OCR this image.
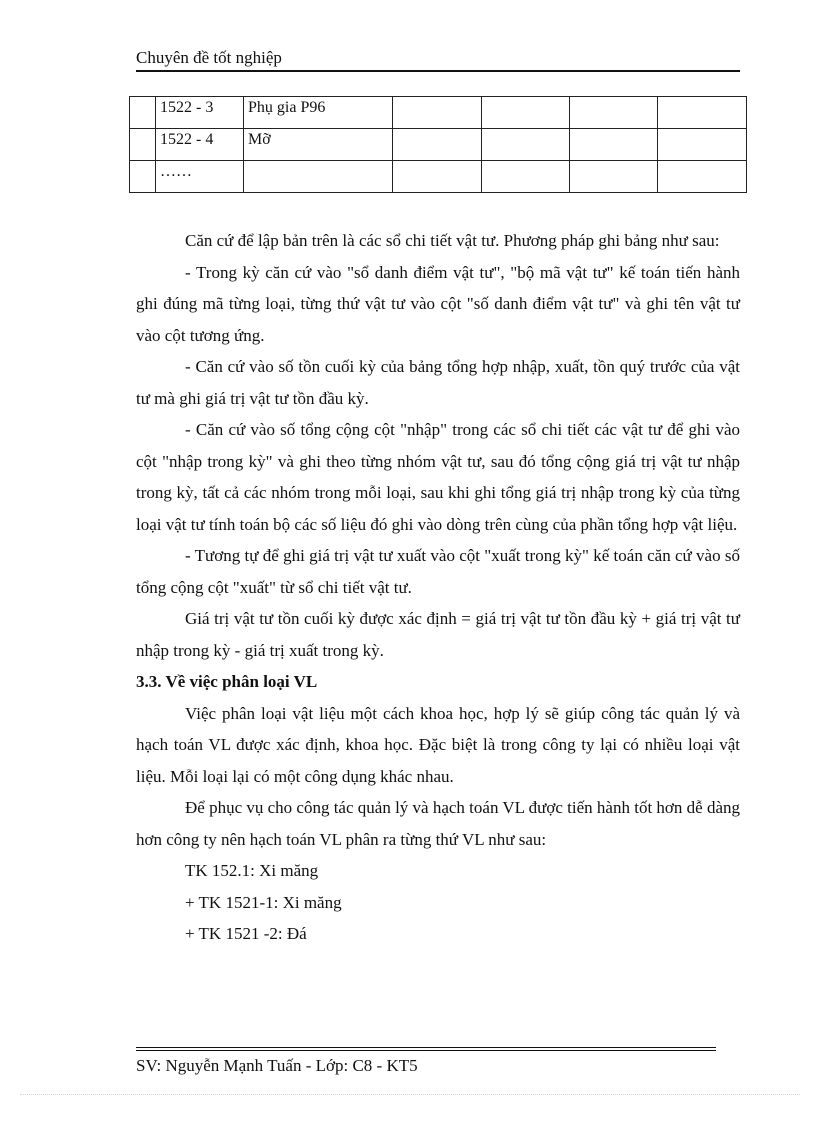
Chuyên đề tốt nghiệp
	1522 - 3	Phụ gia P96				
	1522 - 4	Mỡ				
	……					

Căn cứ để lập bản trên là các sổ chi tiết vật tư. Phương pháp ghi bảng như sau:

- Trong kỳ căn cứ vào "sổ danh điểm vật tư", "bộ mã vật tư" kế toán tiến hành ghi đúng mã từng loại, từng thứ vật tư vào cột "số danh điểm vật tư" và ghi tên vật tư vào cột tương ứng.

- Căn cứ vào số tồn cuối kỳ của bảng tổng hợp nhập, xuất, tồn quý trước của vật tư mà ghi giá trị vật tư tồn đầu kỳ.

- Căn cứ vào số tổng cộng cột "nhập" trong các sổ chi tiết các vật tư để ghi vào cột "nhập trong kỳ" và ghi theo từng nhóm vật tư, sau đó tổng cộng giá trị vật tư nhập trong kỳ, tất cả các nhóm trong mỗi loại, sau khi ghi tổng giá trị nhập trong kỳ của từng loại vật tư tính toán bộ các số liệu đó ghi vào dòng trên cùng của phần tổng hợp vật liệu.

- Tương tự để ghi giá trị vật tư xuất vào cột "xuất trong kỳ" kế toán căn cứ vào số tổng cộng cột "xuất" từ sổ chi tiết vật tư.

Giá trị vật tư tồn cuối kỳ được xác định = giá trị vật tư tồn đầu kỳ + giá trị vật tư nhập trong kỳ - giá trị xuất trong kỳ.

3.3. Về việc phân loại VL

Việc phân loại vật liệu một cách khoa học, hợp lý sẽ giúp công tác quản lý và hạch toán VL được xác định, khoa học. Đặc biệt là trong công ty lại có nhiều loại vật liệu. Mỗi loại lại có một công dụng khác nhau.

Để phục vụ cho công tác quản lý và hạch toán VL được tiến hành tốt hơn dễ dàng hơn công ty nên hạch toán VL phân ra từng thứ VL như sau:

TK 152.1: Xi măng

+ TK 1521-1: Xi măng

+ TK 1521 -2: Đá

SV: Nguyễn Mạnh Tuấn - Lớp: C8 - KT5
